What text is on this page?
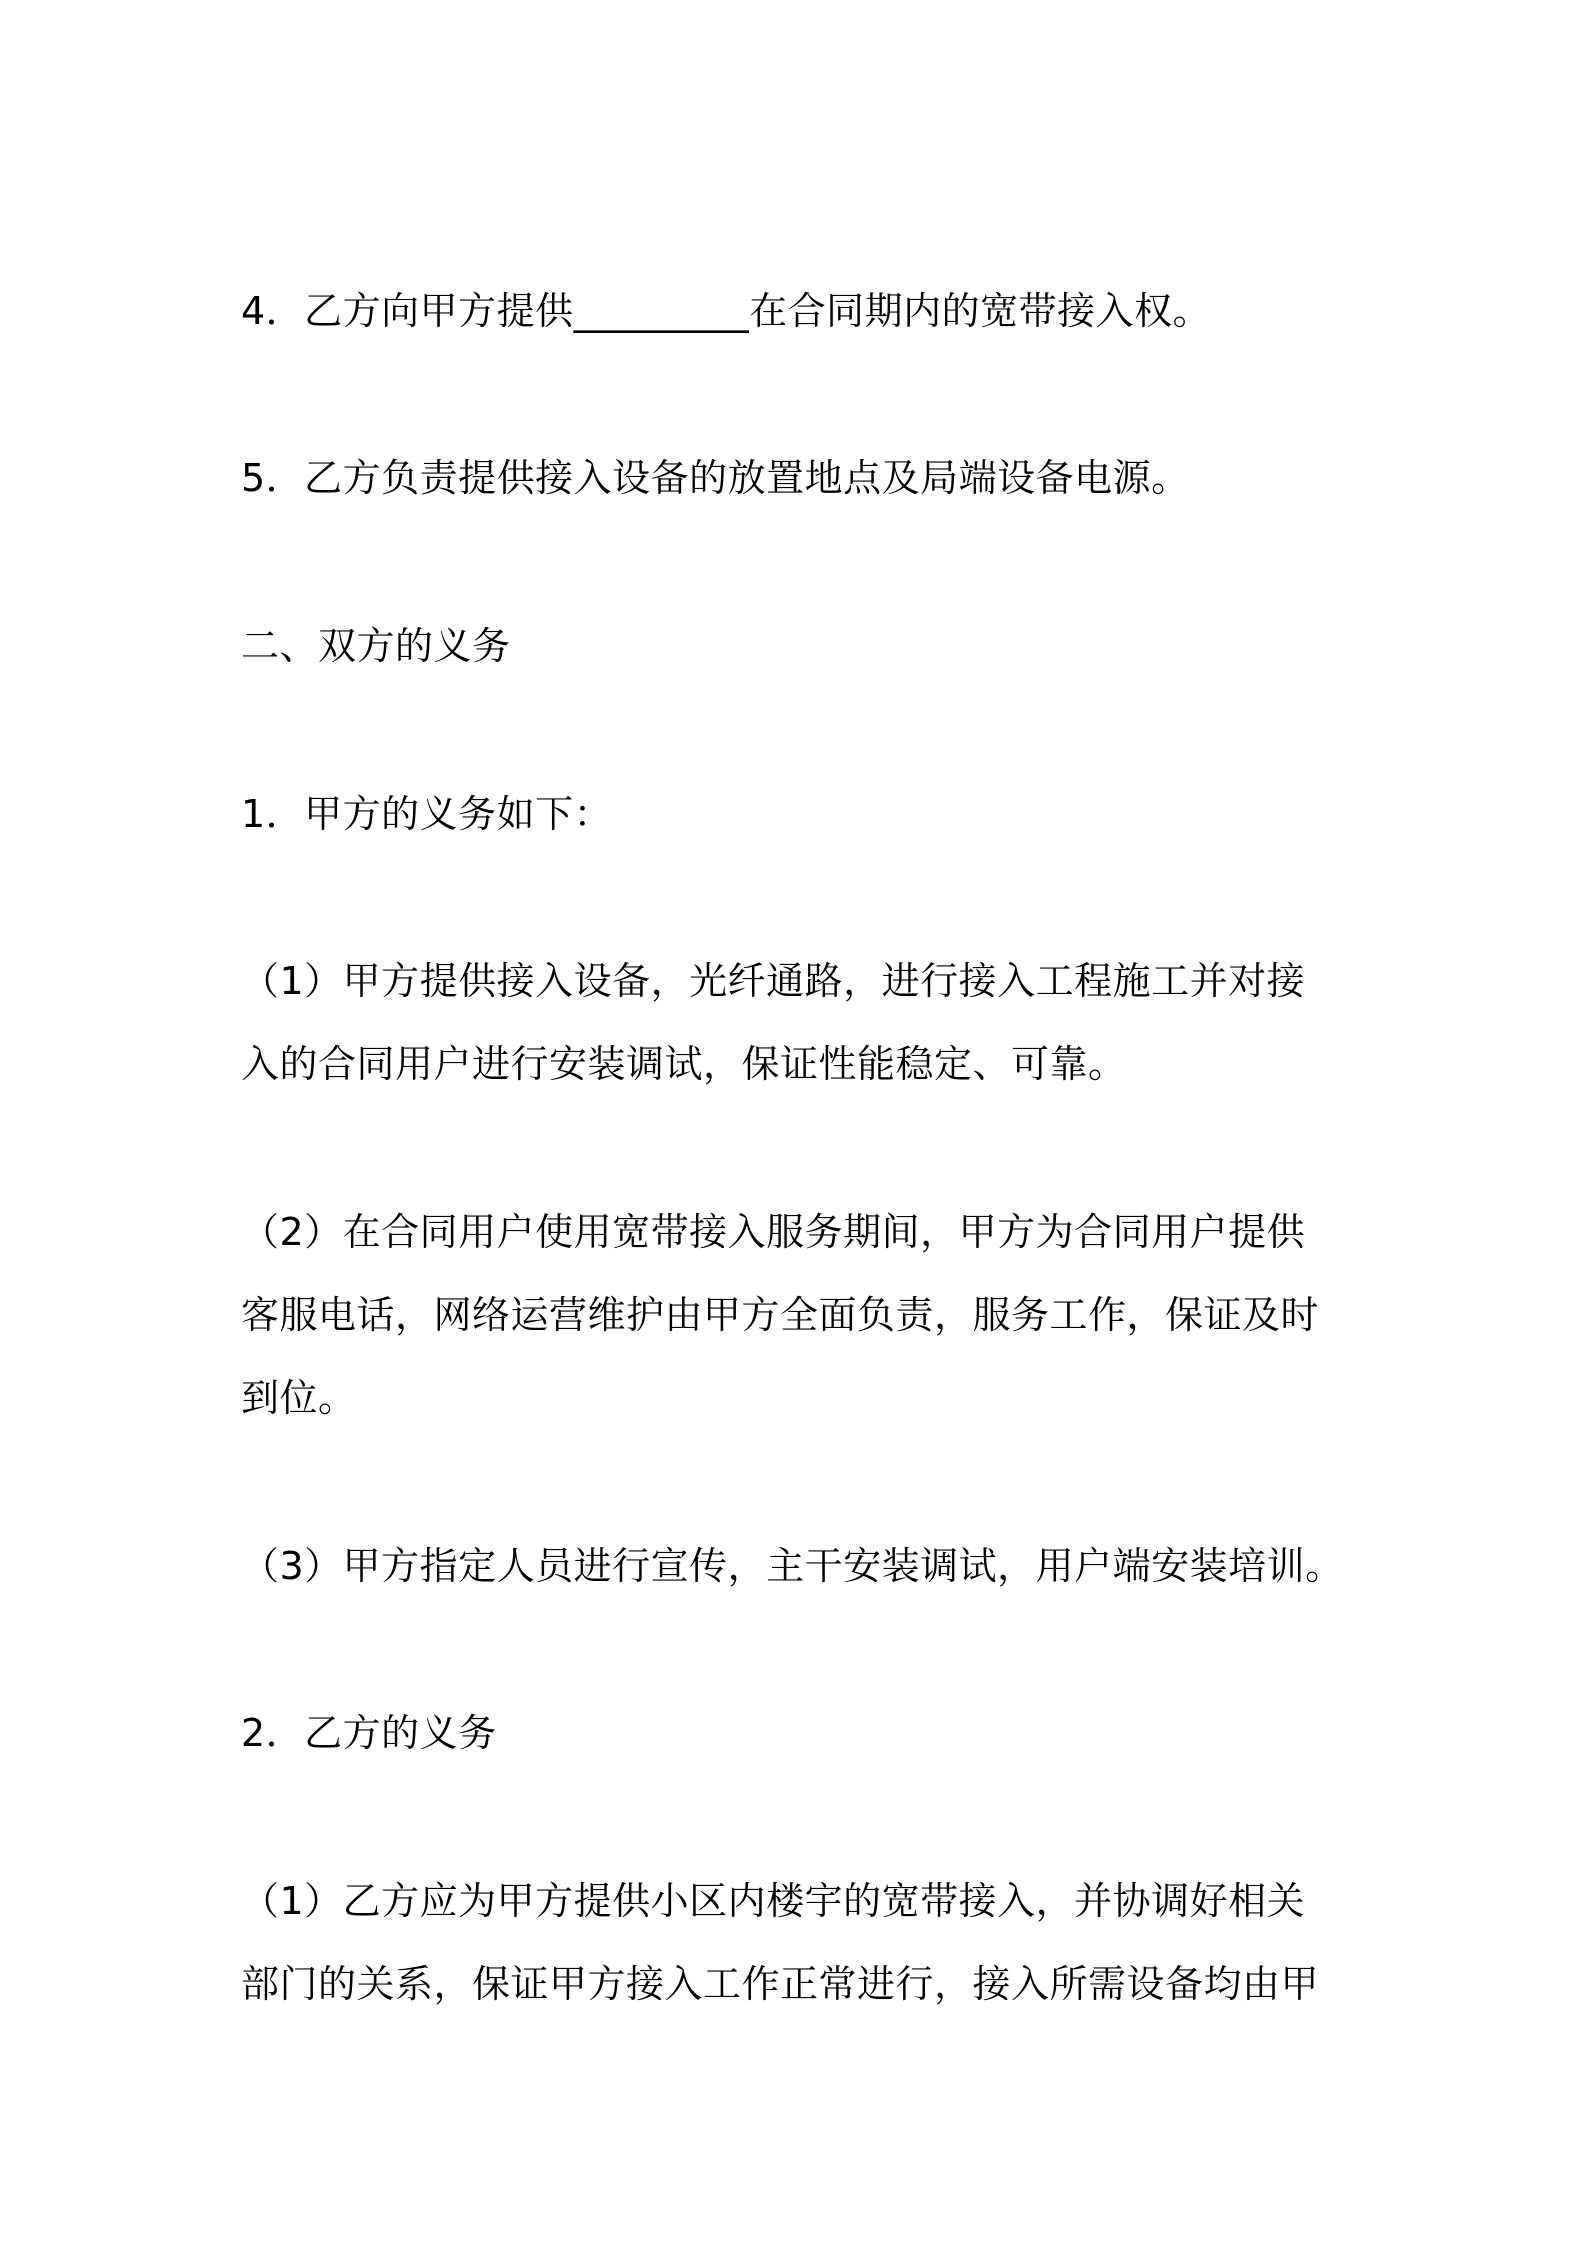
4．乙方向甲方提供_________在合同期内的宽带接入权。
5．乙方负责提供接入设备的放置地点及局端设备电源。
二、双方的义务
1．甲方的义务如下：
（1）甲方提供接入设备，光纤通路，进行接入工程施工并对接
入的合同用户进行安装调试，保证性能稳定、可靠。
（2）在合同用户使用宽带接入服务期间，甲方为合同用户提供
客服电话，网络运营维护由甲方全面负责，服务工作，保证及时
到位。
（3）甲方指定人员进行宣传，主干安装调试，用户端安装培训。
2．乙方的义务
（1）乙方应为甲方提供小区内楼宇的宽带接入，并协调好相关
部门的关系，保证甲方接入工作正常进行，接入所需设备均由甲
